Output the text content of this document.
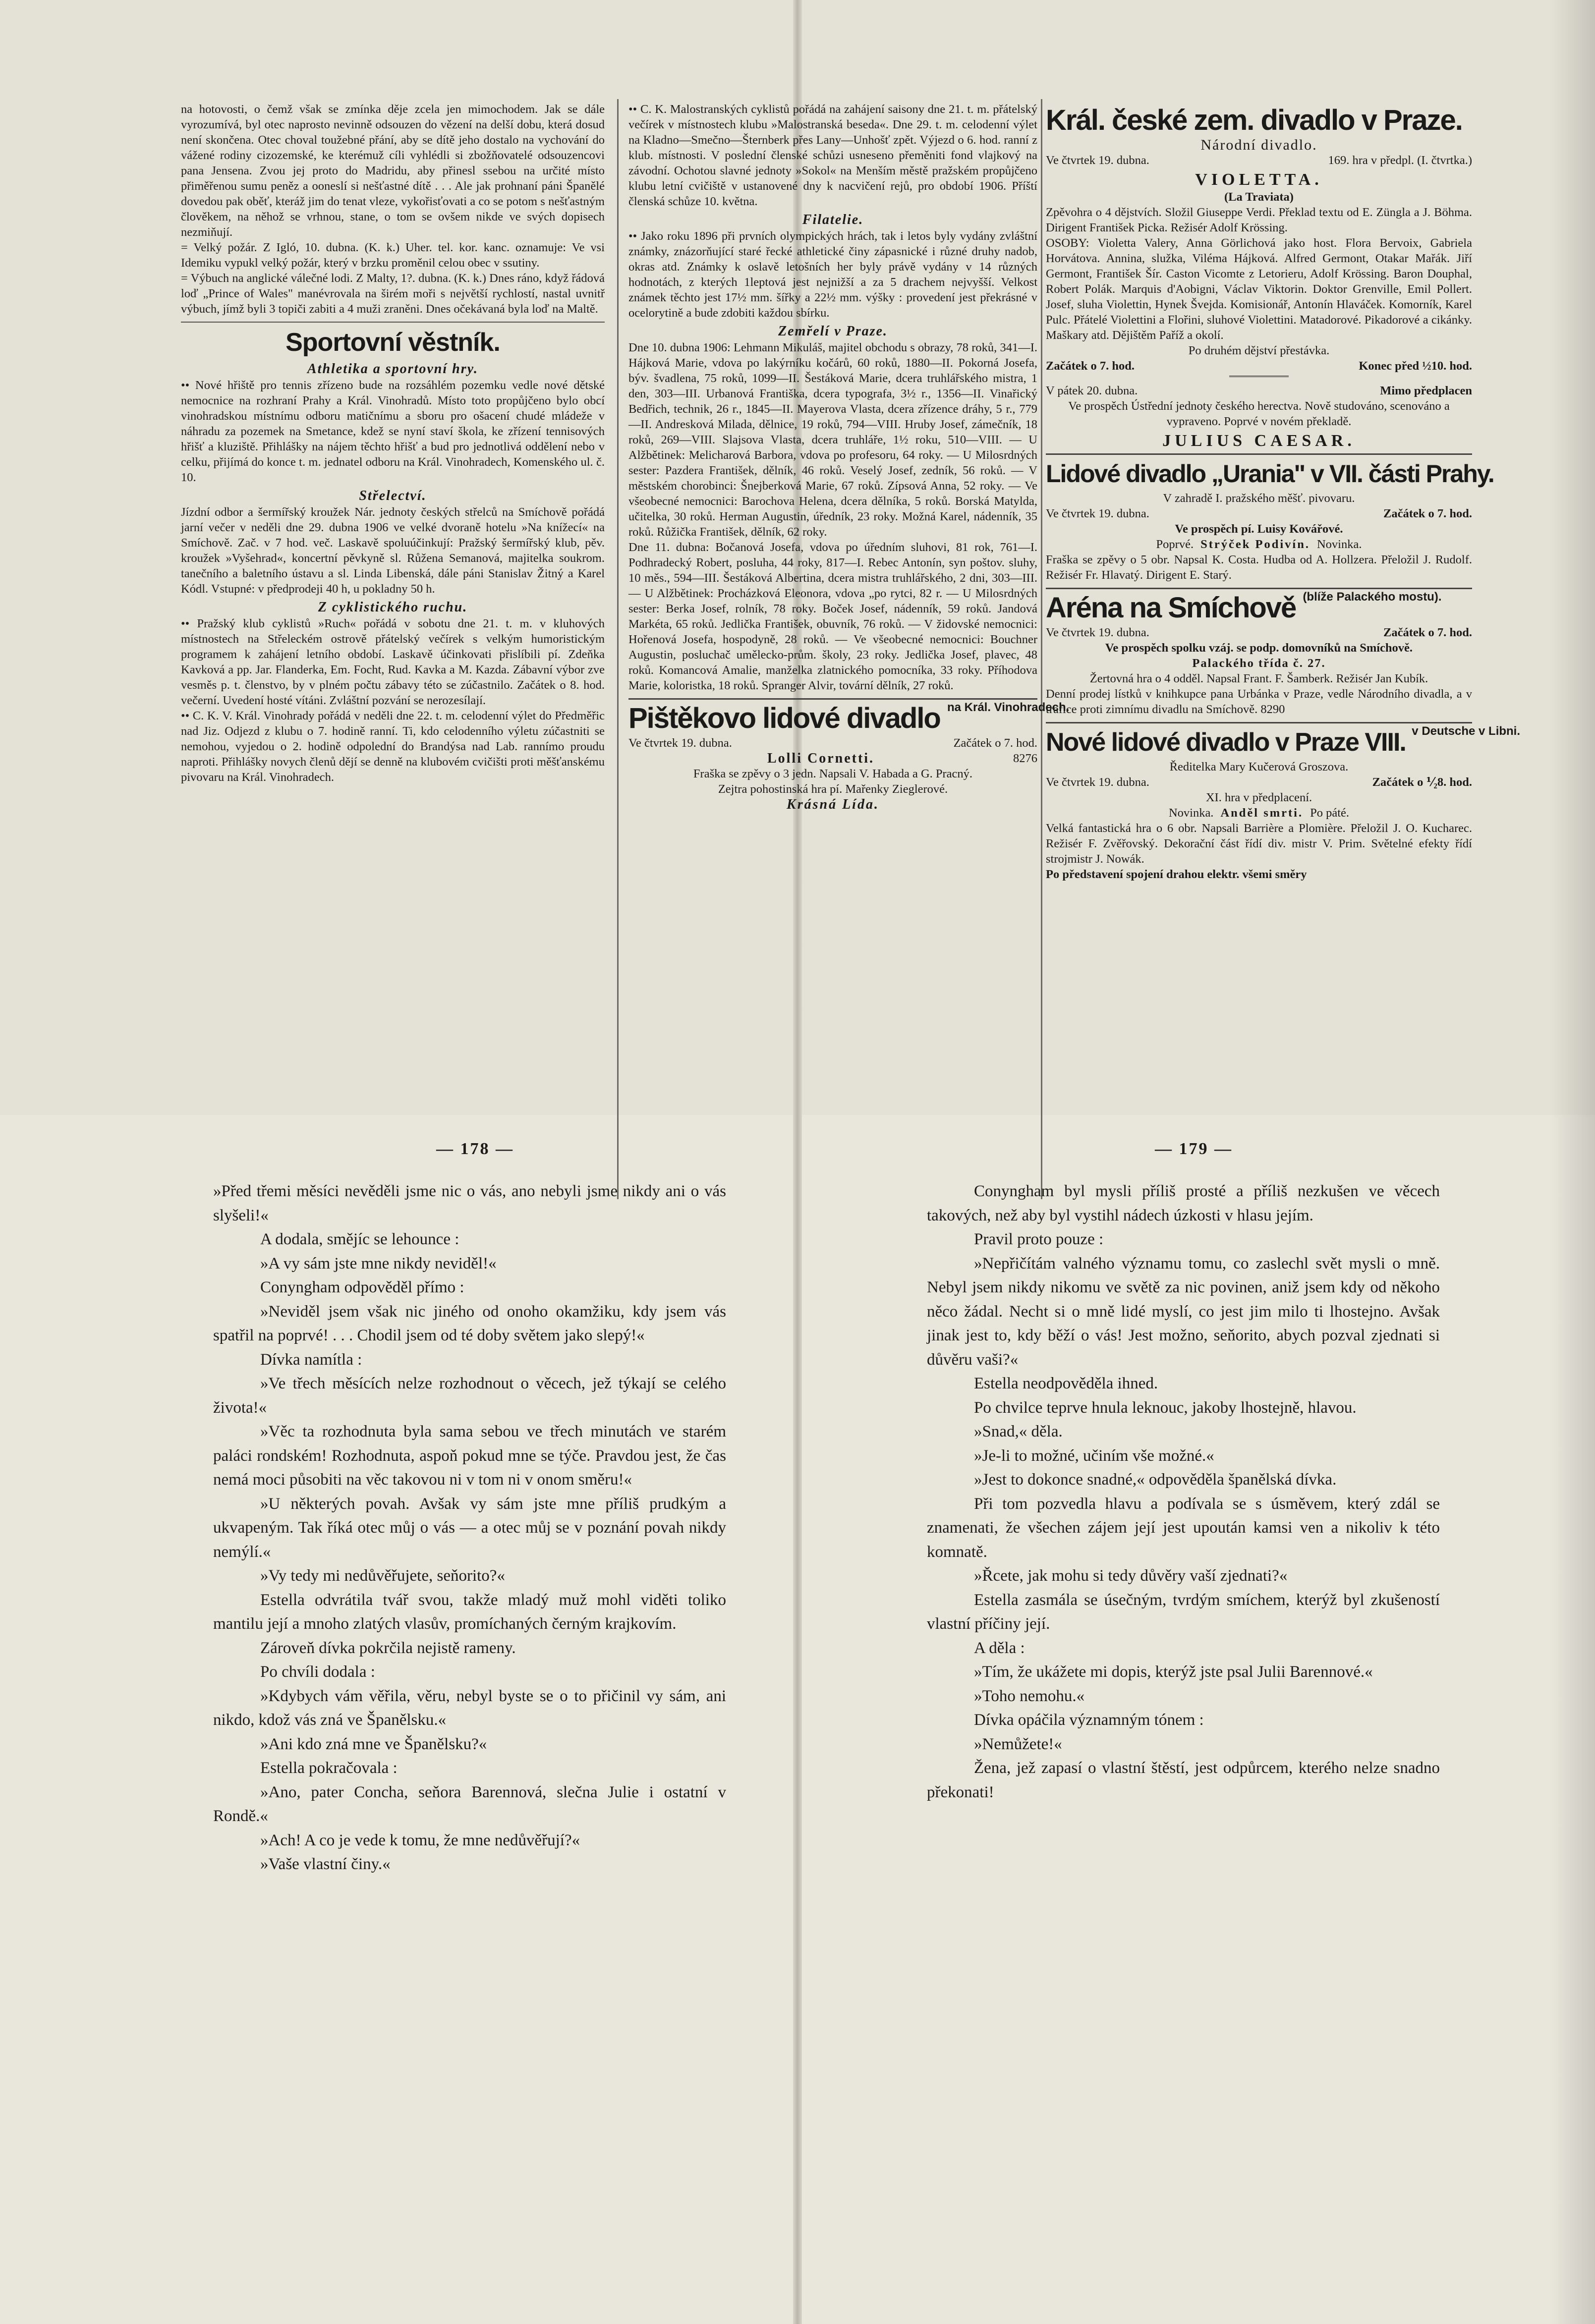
na hotovosti, o čemž však se zmínka děje zcela jen mimochodem. Jak se dále vyrozumívá, byl otec naprosto nevinně odsouzen do vězení na delší dobu, která dosud není skončena. Otec choval toužebné přání, aby se dítě jeho dostalo na vychování do vážené rodiny cizozemské, ke kterémuž cíli vyhlédli si zbožňovatelé odsouzencovi pana Jensena. Zvou jej proto do Madridu, aby přinesl ssebou na určité místo přiměřenou sumu peněz a ooneslí si nešťastné dítě . . . Ale jak prohnaní páni Španělé dovedou pak oběť, kteráž jim do tenat vleze, vykořisťovati a co se potom s nešťastným člověkem, na něhož se vrhnou, stane, o tom se ovšem nikde ve svých dopisech nezmiňují.

= Velký požár. Z Igló, 10. dubna. (K. k.) Uher. tel. kor. kanc. oznamuje: Ve vsi Idemiku vypukl velký požár, který v brzku proměnil celou obec v ssutiny.

= Výbuch na anglické válečné lodi. Z Malty, 1?. dubna. (K. k.) Dnes ráno, když řádová loď „Prince of Wales" manévrovala na širém moři s největší rychlostí, nastal uvnitř výbuch, jímž byli 3 topiči zabiti a 4 muži zraněni. Dnes očekávaná byla loď na Maltě.

Sportovní věstník.
Athletika a sportovní hry.

•• Nové hřiště pro tennis zřízeno bude na rozsáhlém pozemku vedle nové dětské nemocnice na rozhraní Prahy a Král. Vinohradů. Místo toto propůjčeno bylo obcí vinohradskou místnímu odboru matičnímu a sboru pro ošacení chudé mládeže v náhradu za pozemek na Smetance, kdež se nyní staví škola, ke zřízení tennisových hřišť a kluziště. Přihlášky na nájem těchto hřišť a bud pro jednotlivá oddělení nebo v celku, přijímá do konce t. m. jednatel odboru na Král. Vinohradech, Komenského ul. č. 10.

Střelectví.

Jízdní odbor a šermířský kroužek Nár. jednoty českých střelců na Smíchově pořádá jarní večer v neděli dne 29. dubna 1906 ve velké dvoraně hotelu »Na knížecí« na Smíchově. Zač. v 7 hod. več. Laskavě spoluúčinkují: Pražský šermířský klub, pěv. kroužek »Vyšehrad«, koncertní pěvkyně sl. Růžena Semanová, majitelka soukrom. tanečního a baletního ústavu a sl. Linda Libenská, dále páni Stanislav Žitný a Karel Kódl. Vstupné: v předprodeji 40 h, u pokladny 50 h.

Z cyklistického ruchu.

•• Pražský klub cyklistů »Ruch« pořádá v sobotu dne 21. t. m. v kluhových místnostech na Střeleckém ostrově přátelský večírek s velkým humoristickým programem k zahájení letního období. Laskavě účinkovati přislíbili pí. Zdeňka Kavková a pp. Jar. Flanderka, Em. Focht, Rud. Kavka a M. Kazda. Zábavní výbor zve vesměs p. t. členstvo, by v plném počtu zábavy této se zúčastnilo. Začátek o 8. hod. večerní. Uvedení hosté vítáni. Zvláštní pozvání se nerozesílají.

•• C. K. V. Král. Vinohrady pořádá v neděli dne 22. t. m. celodenní výlet do Předměřic nad Jiz. Odjezd z klubu o 7. hodině ranní. Ti, kdo celodenního výletu zúčastniti se nemohou, vyjedou o 2. hodině odpolední do Brandýsa nad Lab. rannímo proudu naproti. Přihlášky novych členů dějí se denně na klubovém cvičišti proti měšťanskému pivovaru na Král. Vinohradech.

•• C. K. Malostranských cyklistů pořádá na zahájení saisony dne 21. t. m. přátelský večírek v místnostech klubu »Malostranská beseda«. Dne 29. t. m. celodenní výlet na Kladno—Smečno—Šternberk přes Lany—Unhošť zpět. Výjezd o 6. hod. ranní z klub. místnosti. V poslední členské schůzi usneseno přeměniti fond vlajkový na závodní. Ochotou slavné jednoty »Sokol« na Menším městě pražském propůjčeno klubu letní cvičiště v ustanovené dny k nacvičení rejů, pro období 1906. Příští členská schůze 10. května.

Filatelie.

•• Jako roku 1896 při prvních olympických hrách, tak i letos byly vydány zvláštní známky, znázorňující staré řecké athletické činy zápasnické i různé druhy nadob, okras atd. Známky k oslavě letošních her byly právě vydány v 14 různých hodnotách, z kterých 1leptová jest nejnižší a za 5 drachem nejvyšší. Velkost známek těchto jest 17½ mm. šířky a 22½ mm. výšky : provedení jest překrásné v ocelorytině a bude zdobiti každou sbírku.

Zemřelí v Praze.

Dne 10. dubna 1906: Lehmann Mikuláš, majitel obchodu s obrazy, 78 roků, 341—I. Hájková Marie, vdova po lakýrníku kočárů, 60 roků, 1880—II. Pokorná Josefa, býv. švadlena, 75 roků, 1099—II. Šestáková Marie, dcera truhlářského mistra, 1 den, 303—III. Urbanová Františka, dcera typografa, 3½ r., 1356—II. Vinařický Bedřich, technik, 26 r., 1845—II. Mayerova Vlasta, dcera zřízence dráhy, 5 r., 779—II. Andresková Milada, dělnice, 19 roků, 794—VIII. Hruby Josef, zámečník, 18 roků, 269—VIII. Slajsova Vlasta, dcera truhláře, 1½ roku, 510—VIII. — U Alžbětinek: Melicharová Barbora, vdova po profesoru, 64 roky. — U Milosrdných sester: Pazdera František, dělník, 46 roků. Veselý Josef, zedník, 56 roků. — V městském chorobinci: Šnejberková Marie, 67 roků. Zípsová Anna, 52 roky. — Ve všeobecné nemocnici: Barochova Helena, dcera dělníka, 5 roků. Borská Matylda, učitelka, 30 roků. Herman Augustin, úředník, 23 roky. Možná Karel, nádenník, 35 roků. Růžička František, dělník, 62 roky.

Dne 11. dubna: Bočanová Josefa, vdova po úředním sluhovi, 81 rok, 761—I. Podhradecký Robert, posluha, 44 roky, 817—I. Rebec Antonín, syn poštov. sluhy, 10 měs., 594—III. Šestáková Albertina, dcera mistra truhlářského, 2 dni, 303—III. — U Alžbětinek: Procházková Eleonora, vdova „po rytci, 82 r. — U Milosrdných sester: Berka Josef, rolník, 78 roky. Boček Josef, nádenník, 59 roků. Jandová Markéta, 65 roků. Jedlička František, obuvník, 76 roků. — V židovské nemocnici: Hořenová Josefa, hospodyně, 28 roků. — Ve všeobecné nemocnici: Bouchner Augustin, posluchač umělecko-prům. školy, 23 roky. Jedlička Josef, plavec, 48 roků. Komancová Amalie, manželka zlatnického pomocníka, 33 roky. Příhodova Marie, koloristka, 18 roků. Spranger Alvir, tovární dělník, 27 roků.

Pištěkovo lidové divadlo na Král. Vinohradech.
Ve čtvrtek 19. dubna.	Začátek o 7. hod.
Lolli Cornetti.	8276
Fraška se zpěvy o 3 jedn. Napsali V. Habada a G. Pracný.
Zejtra pohostinská hra pí. Mařenky Zieglerové.
Krásná Lída.
Král. české zem. divadlo v Praze.
Národní divadlo.
Ve čtvrtek 19. dubna.	169. hra v předpl. (I. čtvrtka.)
VIOLETTA.
(La Traviata)

Zpěvohra o 4 dějstvích. Složil Giuseppe Verdi. Překlad textu od E. Züngla a J. Böhma. Dirigent František Picka. Režisér Adolf Krössing.

OSOBY: Violetta Valery, Anna Görlichová jako host. Flora Bervoix, Gabriela Horvátova. Annina, služka, Viléma Hájková. Alfred Germont, Otakar Mařák. Jiří Germont, František Šír. Caston Vicomte z Letorieru, Adolf Krössing. Baron Douphal, Robert Polák. Marquis d'Aobigni, Václav Viktorin. Doktor Grenville, Emil Pollert. Josef, sluha Violettin, Hynek Švejda. Komisionář, Antonín Hlaváček. Komorník, Karel Pulc. Přátelé Violettini a Flořini, sluhové Violettini. Matadorové. Pikadorové a cikánky. Maškary atd. Dějištěm Paříž a okolí.

Po druhém dějství přestávka.
Začátek o 7. hod.	Konec před ½10. hod.
V pátek 20. dubna.	Mimo předplacen
Ve prospěch Ústřední jednoty českého herectva. Nově studováno, scenováno a vypraveno. Poprvé v novém překladě.
JULIUS CAESAR.
Lidové divadlo „Urania" v VII. části Prahy.
V zahradě I. pražského měšť. pivovaru.
Ve čtvrtek 19. dubna.	Začátek o 7. hod.
Ve prospěch pí. Luisy Kovářové.
Poprvé. Strýček Podivín. Novinka.

Fraška se zpěvy o 5 obr. Napsal K. Costa. Hudba od A. Hollzera. Přeložil J. Rudolf. Režisér Fr. Hlavatý. Dirigent E. Starý.

Aréna na Smíchově (blíže Palackého mostu).
Ve čtvrtek 19. dubna.	Začátek o 7. hod.
Ve prospěch spolku vzáj. se podp. domovníků na Smíchově.
Palackého třída č. 27.
Žertovná hra o 4 odděl. Napsal Frant. F. Šamberk. Režisér Jan Kubík.

Denní prodej lístků v knihkupce pana Urbánka v Praze, vedle Národního divadla, a v trafice proti zimnímu divadlu na Smíchově. 8290

Nové lidové divadlo v Praze VIII. v Deutsche v Libni.
Ředitelka Mary Kučerová Groszova.
Ve čtvrtek 19. dubna.	Začátek o ⅟₂8. hod.
XI. hra v předplacení.
Novinka. Anděl smrti. Po páté.

Velká fantastická hra o 6 obr. Napsali Barrière a Plomière. Přeložil J. O. Kucharec. Režisér F. Zvěřovský. Dekorační část řídí div. mistr V. Prim. Světelné efekty řídí strojmistr J. Nowák.

Po představení spojení drahou elektr. všemi směry

— 178 —	— 179 —

»Před třemi měsíci nevěděli jsme nic o vás, ano nebyli jsme nikdy ani o vás slyšeli!«

A dodala, smějíc se lehounce :

»A vy sám jste mne nikdy neviděl!«

Conyngham odpověděl přímo :

»Neviděl jsem však nic jiného od onoho okamžiku, kdy jsem vás spatřil na poprvé! . . . Chodil jsem od té doby světem jako slepý!«

Dívka namítla :

»Ve třech měsících nelze rozhodnout o věcech, jež týkají se celého života!«

»Věc ta rozhodnuta byla sama sebou ve třech minutách ve starém paláci rondském! Rozhodnuta, aspoň pokud mne se týče. Pravdou jest, že čas nemá moci působiti na věc takovou ni v tom ni v onom směru!«

»U některých povah. Avšak vy sám jste mne příliš prudkým a ukvapeným. Tak říká otec můj o vás — a otec můj se v poznání povah nikdy nemýlí.«

»Vy tedy mi nedůvěřujete, seňorito?«

Estella odvrátila tvář svou, takže mladý muž mohl viděti toliko mantilu její a mnoho zlatých vlasův, promíchaných černým krajkovím.

Zároveň dívka pokrčila nejistě rameny.

Po chvíli dodala :

»Kdybych vám věřila, věru, nebyl byste se o to přičinil vy sám, ani nikdo, kdož vás zná ve Španělsku.«

»Ani kdo zná mne ve Španělsku?«

Estella pokračovala :

»Ano, pater Concha, seňora Barennová, slečna Julie i ostatní v Rondě.«

»Ach! A co je vede k tomu, že mne nedůvěřují?«

»Vaše vlastní činy.«

Conyngham byl mysli příliš prosté a příliš nezkušen ve věcech takových, než aby byl vystihl nádech úzkosti v hlasu jejím.

Pravil proto pouze :

»Nepřičítám valného významu tomu, co zaslechl svět mysli o mně. Nebyl jsem nikdy nikomu ve světě za nic povinen, aniž jsem kdy od někoho něco žádal. Necht si o mně lidé myslí, co jest jim milo ti lhostejno. Avšak jinak jest to, kdy běží o vás! Jest možno, seňorito, abych pozval zjednati si důvěru vaši?«

Estella neodpověděla ihned.

Po chvilce teprve hnula leknouc, jakoby lhostejně, hlavou.

»Snad,« děla.

»Je-li to možné, učiním vše možné.«

»Jest to dokonce snadné,« odpověděla španělská dívka.

Při tom pozvedla hlavu a podívala se s úsměvem, který zdál se znamenati, že všechen zájem její jest upoután kamsi ven a nikoliv k této komnatě.

»Řcete, jak mohu si tedy důvěry vaší zjednati?«

Estella zasmála se úsečným, tvrdým smíchem, kterýž byl zkušeností vlastní příčiny její.

A děla :

»Tím, že ukážete mi dopis, kterýž jste psal Julii Barennové.«

»Toho nemohu.«

Dívka opáčila významným tónem :

»Nemůžete!«

Žena, jež zapasí o vlastní štěstí, jest odpůrcem, kterého nelze snadno překonati!
